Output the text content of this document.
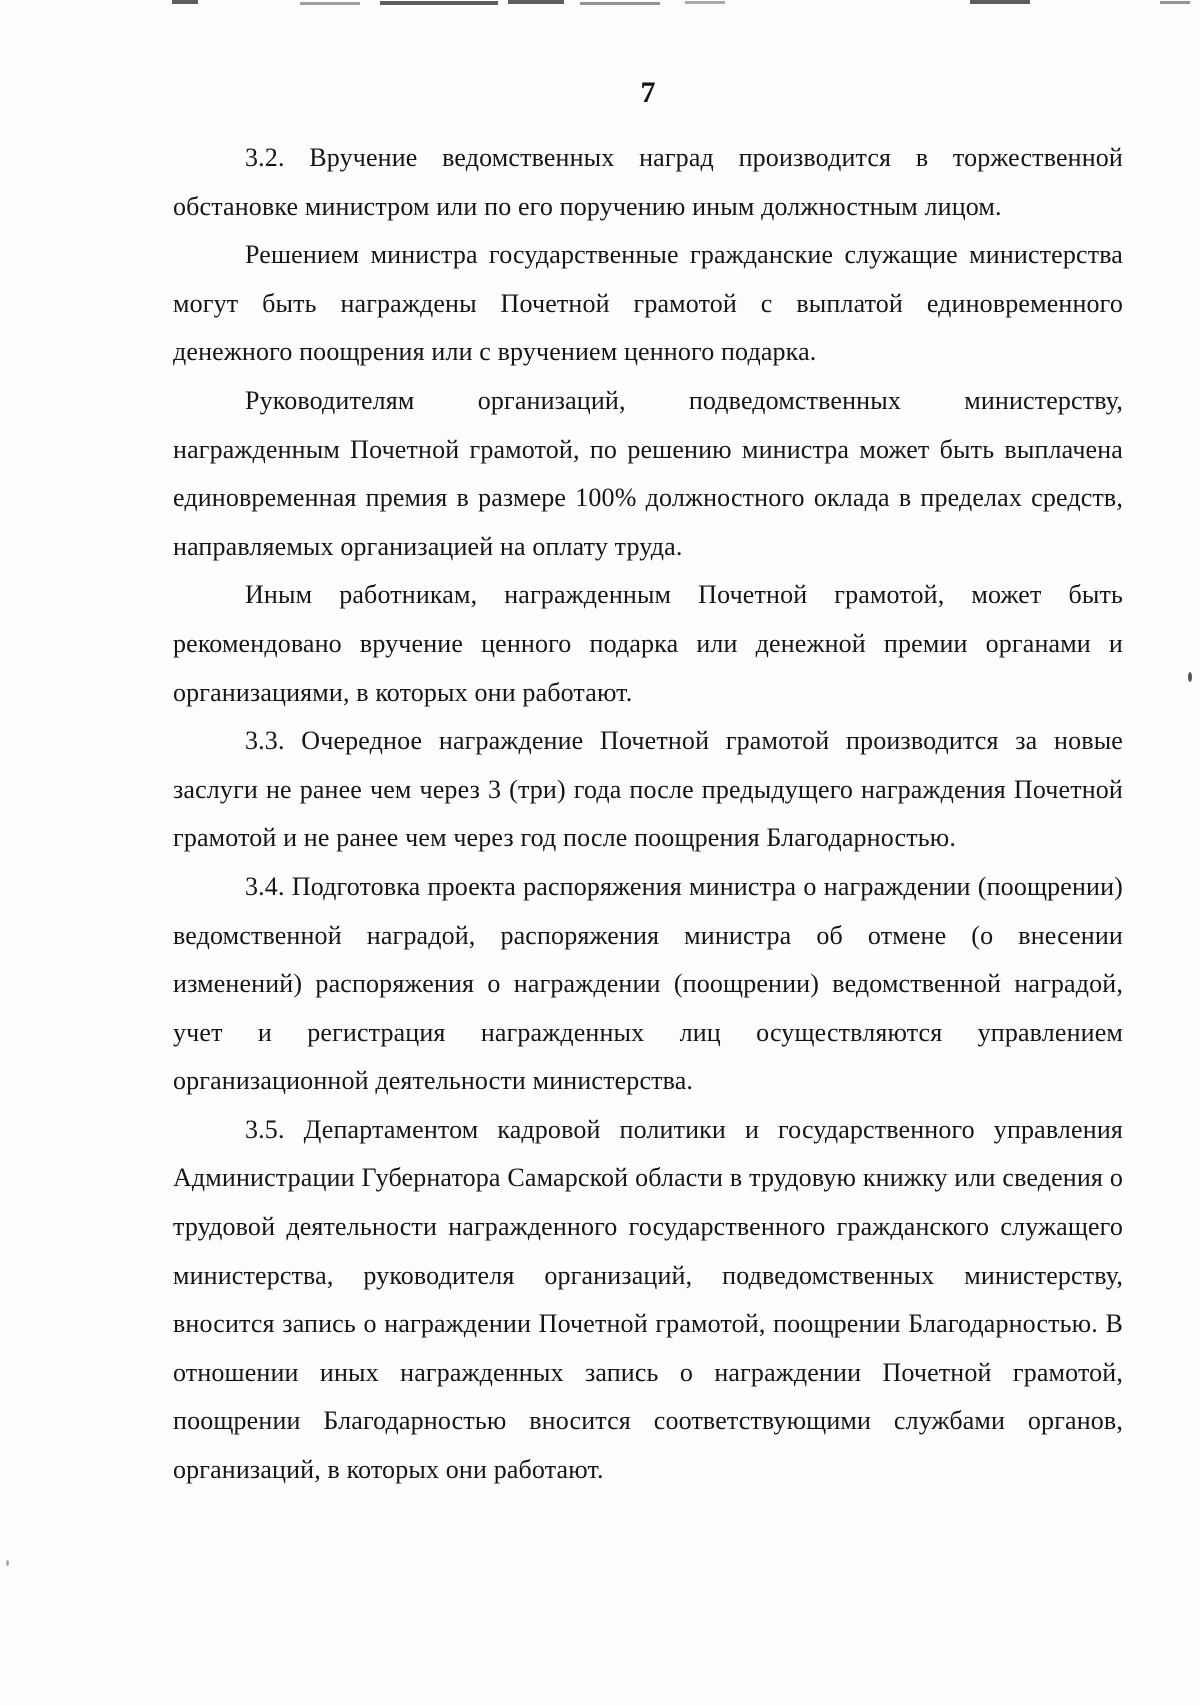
7

3.2. Вручение ведомственных наград производится в торжественной обстановке министром или по его поручению иным должностным лицом.

Решением министра государственные гражданские служащие министерства могут быть награждены Почетной грамотой с выплатой единовременного денежного поощрения или с вручением ценного подарка.

Руководителям организаций, подведомственных министерству, награжденным Почетной грамотой, по решению министра может быть выплачена единовременная премия в размере 100% должностного оклада в пределах средств, направляемых организацией на оплату труда.

Иным работникам, награжденным Почетной грамотой, может быть рекомендовано вручение ценного подарка или денежной премии органами и организациями, в которых они работают.

3.3. Очередное награждение Почетной грамотой производится за новые заслуги не ранее чем через 3 (три) года после предыдущего награждения Почетной грамотой и не ранее чем через год после поощрения Благодарностью.

3.4. Подготовка проекта распоряжения министра о награждении (поощрении) ведомственной наградой, распоряжения министра об отмене (о внесении изменений) распоряжения о награждении (поощрении) ведомственной наградой, учет и регистрация награжденных лиц осуществляются управлением организационной деятельности министерства.

3.5. Департаментом кадровой политики и государственного управления Администрации Губернатора Самарской области в трудовую книжку или сведения о трудовой деятельности награжденного государственного гражданского служащего министерства, руководителя организаций, подведомственных министерству, вносится запись о награждении Почетной грамотой, поощрении Благодарностью. В отношении иных награжденных запись о награждении Почетной грамотой, поощрении Благодарностью вносится соответствующими службами органов, организаций, в которых они работают.
